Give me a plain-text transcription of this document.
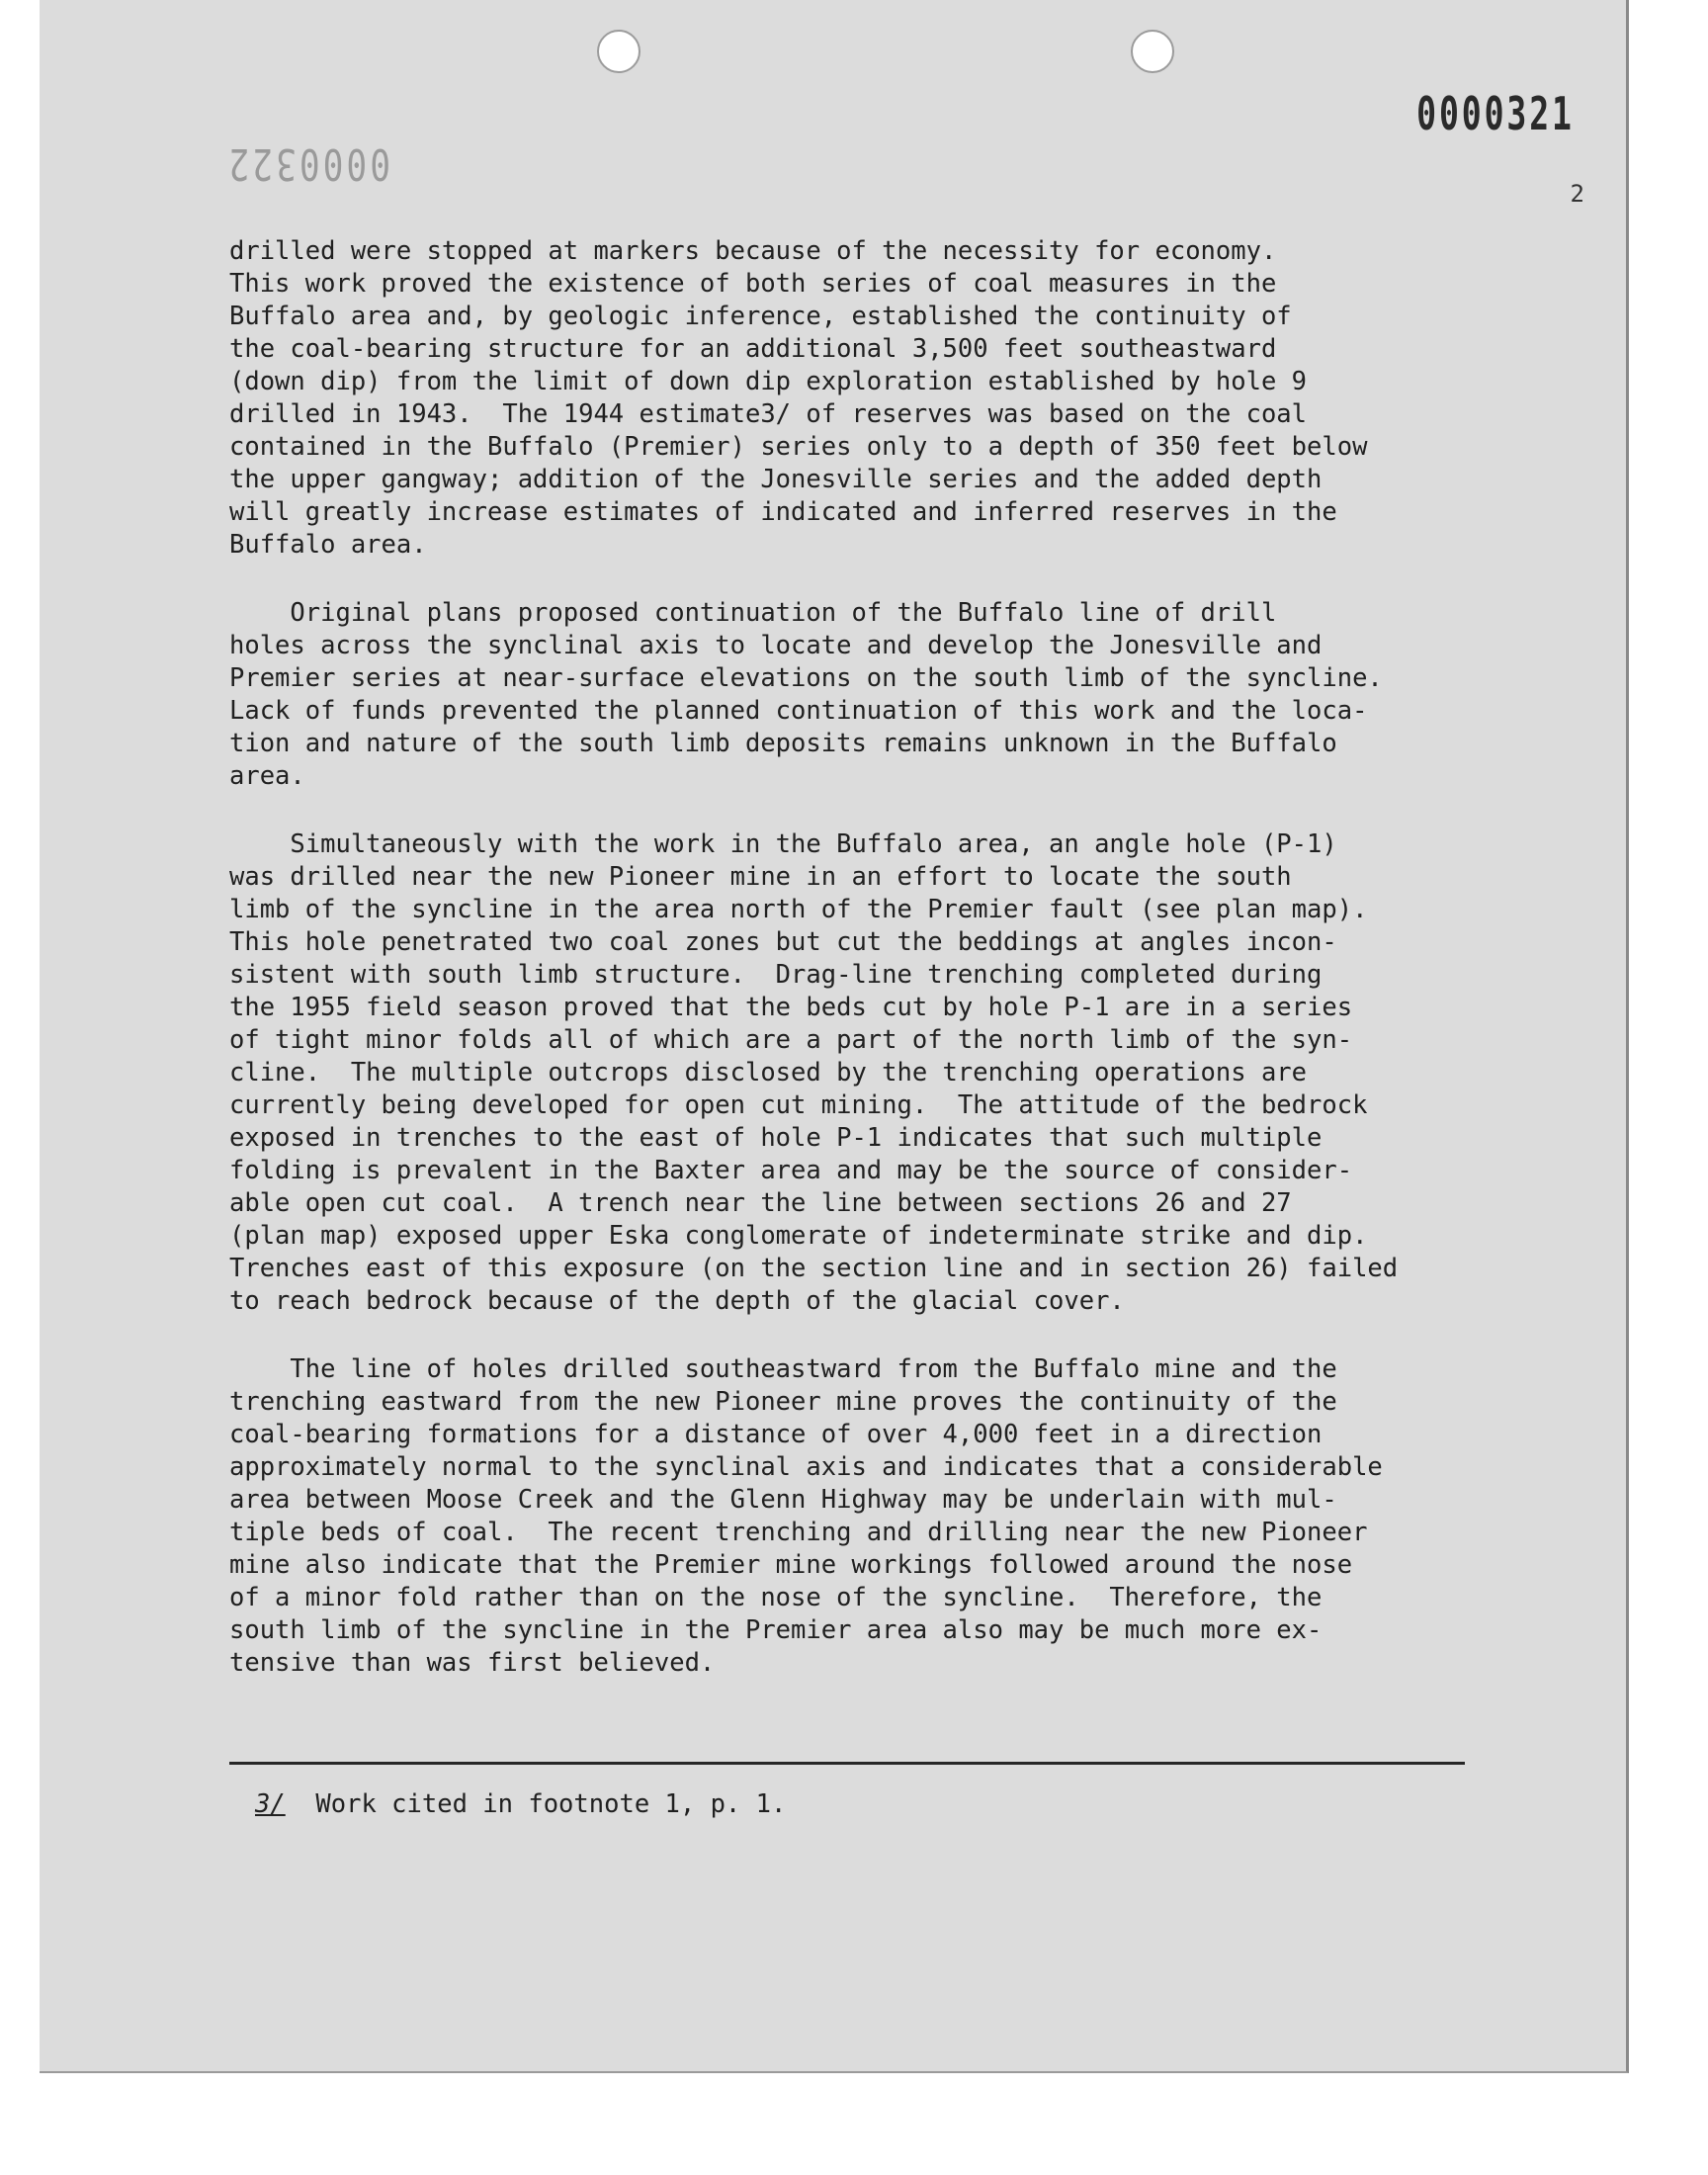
0000321
0000322
2

drilled were stopped at markers because of the necessity for economy.
This work proved the existence of both series of coal measures in the
Buffalo area and, by geologic inference, established the continuity of
the coal-bearing structure for an additional 3,500 feet southeastward
(down dip) from the limit of down dip exploration established by hole 9
drilled in 1943.  The 1944 estimate3/ of reserves was based on the coal
contained in the Buffalo (Premier) series only to a depth of 350 feet below
the upper gangway; addition of the Jonesville series and the added depth
will greatly increase estimates of indicated and inferred reserves in the
Buffalo area.

Original plans proposed continuation of the Buffalo line of drill
holes across the synclinal axis to locate and develop the Jonesville and
Premier series at near-surface elevations on the south limb of the syncline.
Lack of funds prevented the planned continuation of this work and the loca-
tion and nature of the south limb deposits remains unknown in the Buffalo
area.

Simultaneously with the work in the Buffalo area, an angle hole (P-1)
was drilled near the new Pioneer mine in an effort to locate the south
limb of the syncline in the area north of the Premier fault (see plan map).
This hole penetrated two coal zones but cut the beddings at angles incon-
sistent with south limb structure.  Drag-line trenching completed during
the 1955 field season proved that the beds cut by hole P-1 are in a series
of tight minor folds all of which are a part of the north limb of the syn-
cline.  The multiple outcrops disclosed by the trenching operations are
currently being developed for open cut mining.  The attitude of the bedrock
exposed in trenches to the east of hole P-1 indicates that such multiple
folding is prevalent in the Baxter area and may be the source of consider-
able open cut coal.  A trench near the line between sections 26 and 27
(plan map) exposed upper Eska conglomerate of indeterminate strike and dip.
Trenches east of this exposure (on the section line and in section 26) failed
to reach bedrock because of the depth of the glacial cover.

The line of holes drilled southeastward from the Buffalo mine and the
trenching eastward from the new Pioneer mine proves the continuity of the
coal-bearing formations for a distance of over 4,000 feet in a direction
approximately normal to the synclinal axis and indicates that a considerable
area between Moose Creek and the Glenn Highway may be underlain with mul-
tiple beds of coal.  The recent trenching and drilling near the new Pioneer
mine also indicate that the Premier mine workings followed around the nose
of a minor fold rather than on the nose of the syncline.  Therefore, the
south limb of the syncline in the Premier area also may be much more ex-
tensive than was first believed.

3/  Work cited in footnote 1, p. 1.
